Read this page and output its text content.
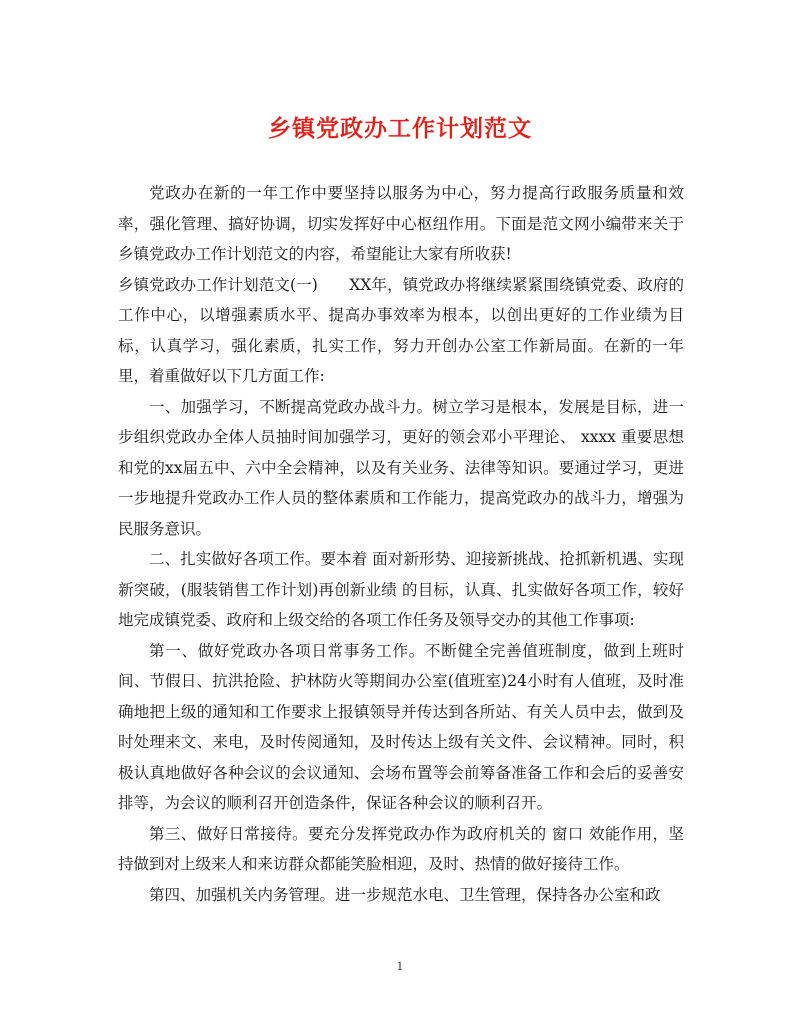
乡镇党政办工作计划范文

党政办在新的一年工作中要坚持以服务为中心，努力提高行政服务质量和效率，强化管理、搞好协调，切实发挥好中心枢纽作用。下面是范文网小编带来关于乡镇党政办工作计划范文的内容，希望能让大家有所收获!

乡镇党政办工作计划范文(一)　　XX年，镇党政办将继续紧紧围绕镇党委、政府的工作中心，以增强素质水平、提高办事效率为根本，以创出更好的工作业绩为目标，认真学习，强化素质，扎实工作，努力开创办公室工作新局面。在新的一年里，着重做好以下几方面工作:

一、加强学习，不断提高党政办战斗力。树立学习是根本，发展是目标，进一步组织党政办全体人员抽时间加强学习，更好的领会邓小平理论、 xxxx 重要思想和党的xx届五中、六中全会精神，以及有关业务、法律等知识。要通过学习，更进一步地提升党政办工作人员的整体素质和工作能力，提高党政办的战斗力，增强为民服务意识。

二、扎实做好各项工作。要本着 面对新形势、迎接新挑战、抢抓新机遇、实现新突破，(服装销售工作计划)再创新业绩 的目标，认真、扎实做好各项工作，较好地完成镇党委、政府和上级交给的各项工作任务及领导交办的其他工作事项:

第一、做好党政办各项日常事务工作。不断健全完善值班制度，做到上班时间、节假日、抗洪抢险、护林防火等期间办公室(值班室)24小时有人值班，及时准确地把上级的通知和工作要求上报镇领导并传达到各所站、有关人员中去，做到及时处理来文、来电，及时传阅通知，及时传达上级有关文件、会议精神。同时，积极认真地做好各种会议的会议通知、会场布置等会前筹备准备工作和会后的妥善安排等，为会议的顺利召开创造条件，保证各种会议的顺利召开。

第三、做好日常接待。要充分发挥党政办作为政府机关的 窗口 效能作用，坚持做到对上级来人和来访群众都能笑脸相迎，及时、热情的做好接待工作。

第四、加强机关内务管理。进一步规范水电、卫生管理，保持各办公室和政

1
